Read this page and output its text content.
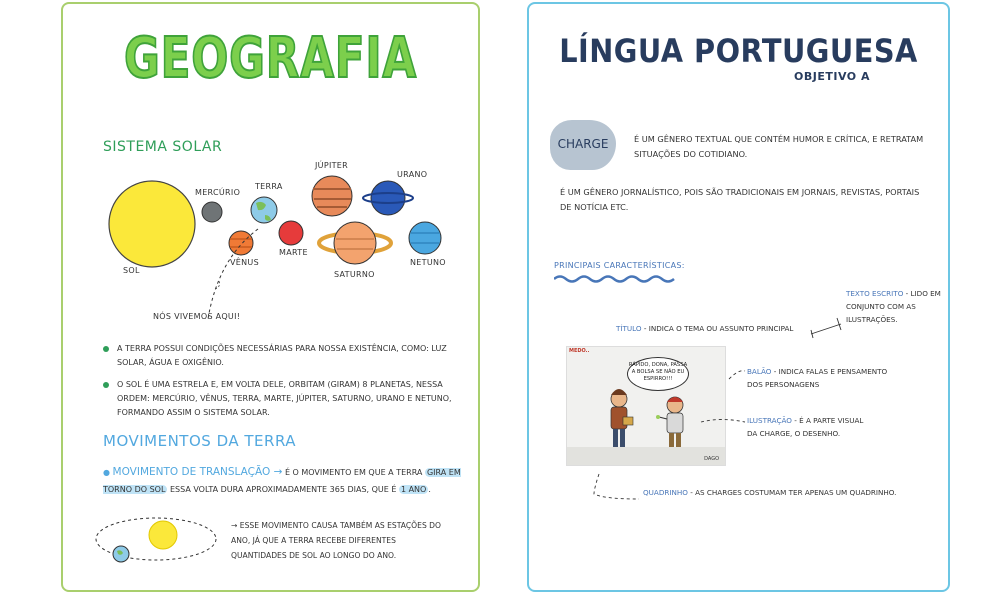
GEOGRAFIA
SISTEMA SOLAR
SOL
MERCÚRIO
TERRA
VÊNUS
MARTE
JÚPITER
SATURNO
URANO
NETUNO
NÓS VIVEMOS AQUI!
A TERRA POSSUI CONDIÇÕES NECESSÁRIAS PARA NOSSA EXISTÊNCIA, COMO: LUZ SOLAR, ÁGUA E OXIGÊNIO.
O SOL É UMA ESTRELA E, EM VOLTA DELE, ORBITAM (GIRAM) 8 PLANETAS, NESSA ORDEM: MERCÚRIO, VÊNUS, TERRA, MARTE, JÚPITER, SATURNO, URANO E NETUNO, FORMANDO ASSIM O SISTEMA SOLAR.
MOVIMENTOS DA TERRA
● MOVIMENTO DE TRANSLAÇÃO → É O MOVIMENTO EM QUE A TERRA GIRA EM TORNO DO SOL ESSA VOLTA DURA APROXIMADAMENTE 365 DIAS, QUE É 1 ANO .
→ ESSE MOVIMENTO CAUSA TAMBÉM AS ESTAÇÕES DO ANO, JÁ QUE A TERRA RECEBE DIFERENTES QUANTIDADES DE SOL AO LONGO DO ANO.
LÍNGUA PORTUGUESA
OBJETIVO A
CHARGE	É UM GÊNERO TEXTUAL QUE CONTÉM HUMOR E CRÍTICA, E RETRATAM SITUAÇÕES DO COTIDIANO.
É UM GÊNERO JORNALÍSTICO, POIS SÃO TRADICIONAIS EM JORNAIS, REVISTAS, PORTAIS DE NOTÍCIA ETC.
PRINCIPAIS CARACTERÍSTICAS:
TEXTO ESCRITO - LIDO EM CONJUNTO COM AS ILUSTRAÇÕES.
TÍTULO - INDICA O TEMA OU ASSUNTO PRINCIPAL
BALÃO - INDICA FALAS E PENSAMENTO DOS PERSONAGENS
ILUSTRAÇÃO - É A PARTE VISUAL DA CHARGE, O DESENHO.
QUADRINHO - AS CHARGES COSTUMAM TER APENAS UM QUADRINHO.
MEDO..
RÁPIDO, DONA, PASSA A BOLSA SE NÃO EU ESPIRRO!!!
DAGO
